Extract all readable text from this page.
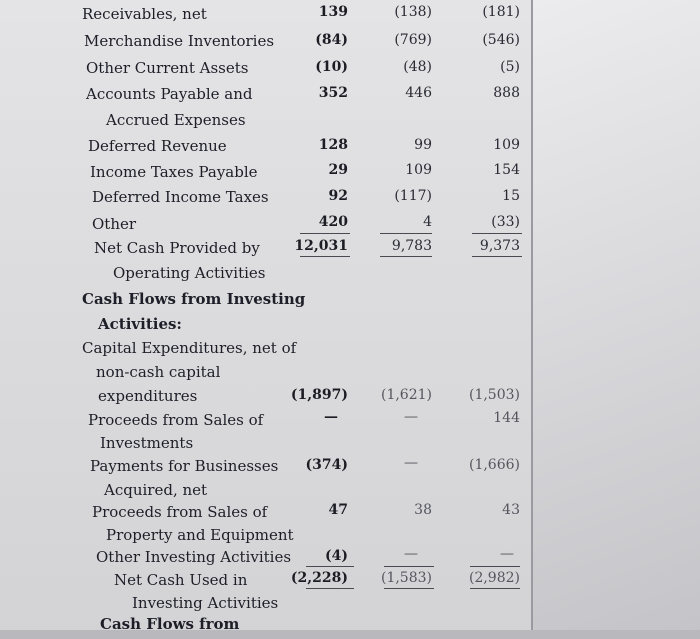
Receivables, net
Merchandise Inventories
Other Current Assets
Accounts Payable and
Accrued Expenses
Deferred Revenue
Income Taxes Payable
Deferred Income Taxes
Other
Net Cash Provided by
Operating Activities
Cash Flows from Investing
Activities:
Capital Expenditures, net of
non-cash capital
expenditures
Proceeds from Sales of
Investments
Payments for Businesses
Acquired, net
Proceeds from Sales of
Property and Equipment
Other Investing Activities
Net Cash Used in
Investing Activities
Cash Flows from
139
(84)
(10)
352
128
29
92
420
12,031
(1,897)
—
(374)
47
(4)
(2,228)
(138)
(769)
(48)
446
99
109
(117)
4
9,783
(1,621)
—
—
38
—
(1,583)
(181)
(546)
(5)
888
109
154
15
(33)
9,373
(1,503)
144
(1,666)
43
—
(2,982)
